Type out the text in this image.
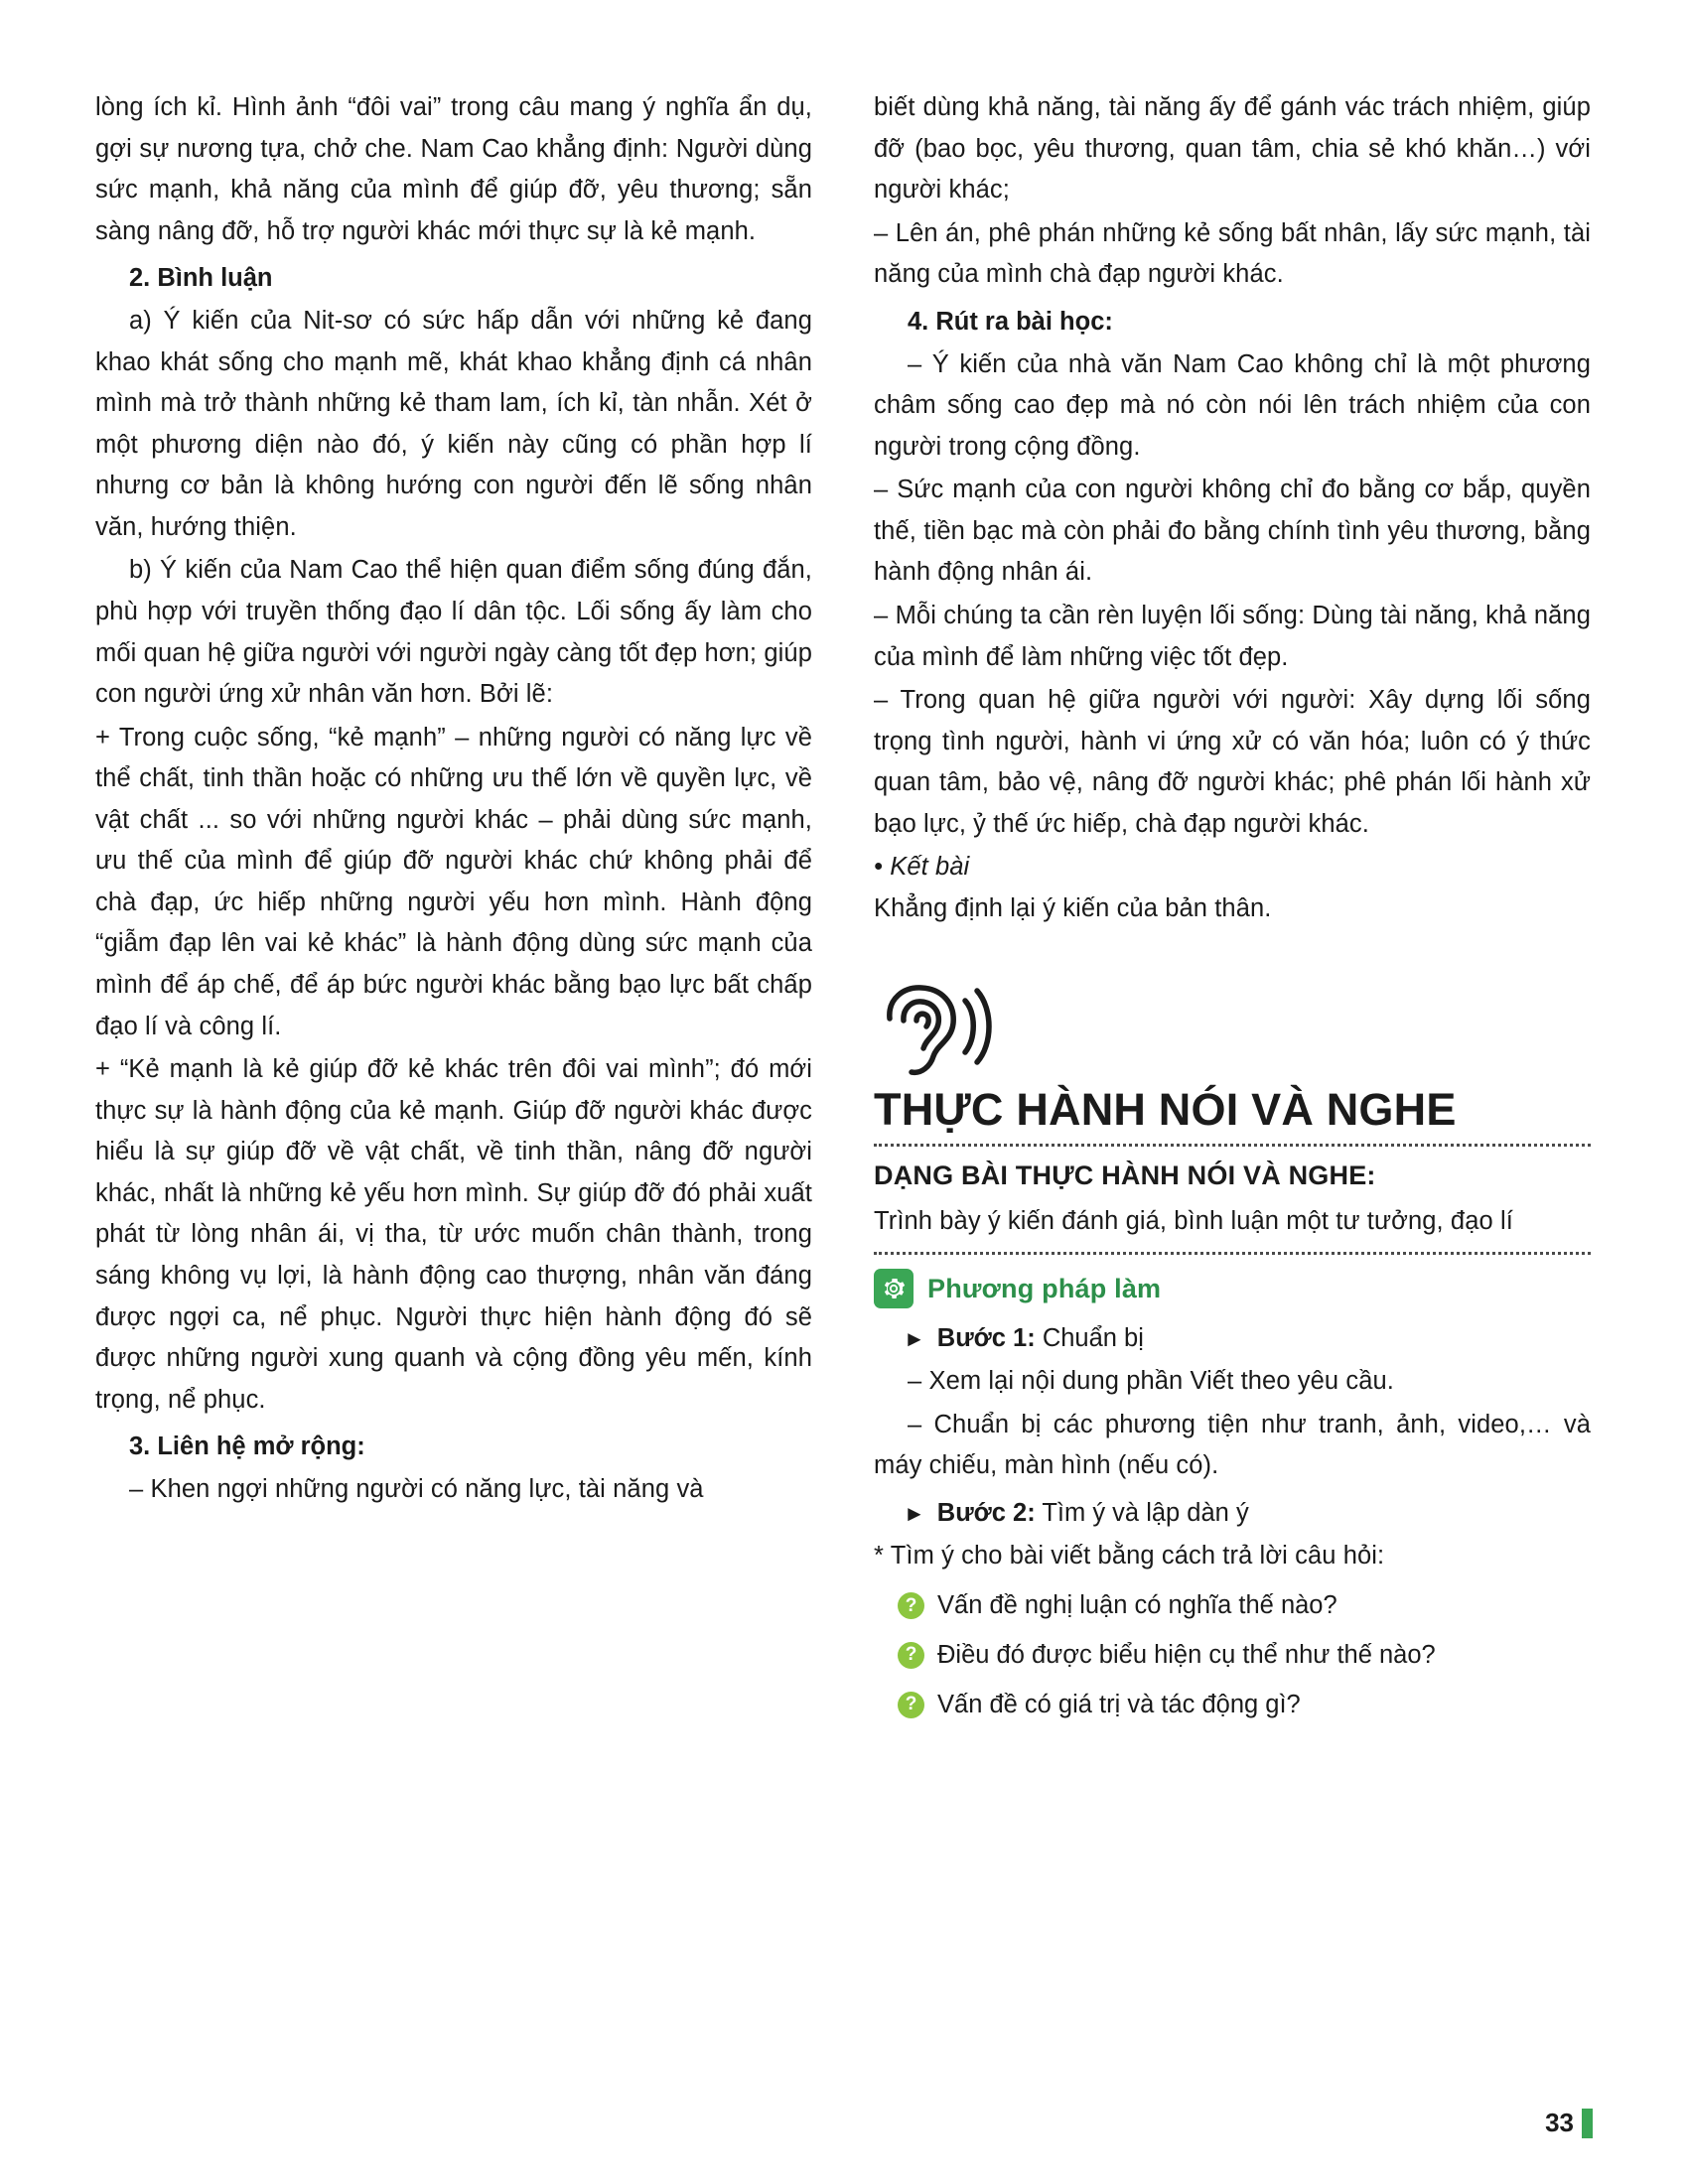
lòng ích kỉ. Hình ảnh “đôi vai” trong câu mang ý nghĩa ẩn dụ, gợi sự nương tựa, chở che. Nam Cao khẳng định: Người dùng sức mạnh, khả năng của mình để giúp đỡ, yêu thương; sẵn sàng nâng đỡ, hỗ trợ người khác mới thực sự là kẻ mạnh.

2. Bình luận

a) Ý kiến của Nit-sơ có sức hấp dẫn với những kẻ đang khao khát sống cho mạnh mẽ, khát khao khẳng định cá nhân mình mà trở thành những kẻ tham lam, ích kỉ, tàn nhẫn. Xét ở một phương diện nào đó, ý kiến này cũng có phần hợp lí nhưng cơ bản là không hướng con người đến lẽ sống nhân văn, hướng thiện.

b) Ý kiến của Nam Cao thể hiện quan điểm sống đúng đắn, phù hợp với truyền thống đạo lí dân tộc. Lối sống ấy làm cho mối quan hệ giữa người với người ngày càng tốt đẹp hơn; giúp con người ứng xử nhân văn hơn. Bởi lẽ:

+ Trong cuộc sống, “kẻ mạnh” – những người có năng lực về thể chất, tinh thần hoặc có những ưu thế lớn về quyền lực, về vật chất ... so với những người khác – phải dùng sức mạnh, ưu thế của mình để giúp đỡ người khác chứ không phải để chà đạp, ức hiếp những người yếu hơn mình. Hành động “giẫm đạp lên vai kẻ khác” là hành động dùng sức mạnh của mình để áp chế, để áp bức người khác bằng bạo lực bất chấp đạo lí và công lí.

+ “Kẻ mạnh là kẻ giúp đỡ kẻ khác trên đôi vai mình”; đó mới thực sự là hành động của kẻ mạnh. Giúp đỡ người khác được hiểu là sự giúp đỡ về vật chất, về tinh thần, nâng đỡ người khác, nhất là những kẻ yếu hơn mình. Sự giúp đỡ đó phải xuất phát từ lòng nhân ái, vị tha, từ ước muốn chân thành, trong sáng không vụ lợi, là hành động cao thượng, nhân văn đáng được ngợi ca, nể phục. Người thực hiện hành động đó sẽ được những người xung quanh và cộng đồng yêu mến, kính trọng, nể phục.

3. Liên hệ mở rộng:

– Khen ngợi những người có năng lực, tài năng và

biết dùng khả năng, tài năng ấy để gánh vác trách nhiệm, giúp đỡ (bao bọc, yêu thương, quan tâm, chia sẻ khó khăn…) với người khác;

– Lên án, phê phán những kẻ sống bất nhân, lấy sức mạnh, tài năng của mình chà đạp người khác.

4. Rút ra bài học:

– Ý kiến của nhà văn Nam Cao không chỉ là một phương châm sống cao đẹp mà nó còn nói lên trách nhiệm của con người trong cộng đồng.

– Sức mạnh của con người không chỉ đo bằng cơ bắp, quyền thế, tiền bạc mà còn phải đo bằng chính tình yêu thương, bằng hành động nhân ái.

– Mỗi chúng ta cần rèn luyện lối sống: Dùng tài năng, khả năng của mình để làm những việc tốt đẹp.

– Trong quan hệ giữa người với người: Xây dựng lối sống trọng tình người, hành vi ứng xử có văn hóa; luôn có ý thức quan tâm, bảo vệ, nâng đỡ người khác; phê phán lối hành xử bạo lực, ỷ thế ức hiếp, chà đạp người khác.

• Kết bài

Khẳng định lại ý kiến của bản thân.

THỰC HÀNH NÓI VÀ NGHE
DẠNG BÀI THỰC HÀNH NÓI VÀ NGHE:

Trình bày ý kiến đánh giá, bình luận một tư tưởng, đạo lí

Phương pháp làm
► Bước 1: Chuẩn bị

– Xem lại nội dung phần Viết theo yêu cầu.

– Chuẩn bị các phương tiện như tranh, ảnh, video,… và máy chiếu, màn hình (nếu có).

► Bước 2: Tìm ý và lập dàn ý

* Tìm ý cho bài viết bằng cách trả lời câu hỏi:

? Vấn đề nghị luận có nghĩa thế nào?
? Điều đó được biểu hiện cụ thể như thế nào?
? Vấn đề có giá trị và tác động gì?
33
